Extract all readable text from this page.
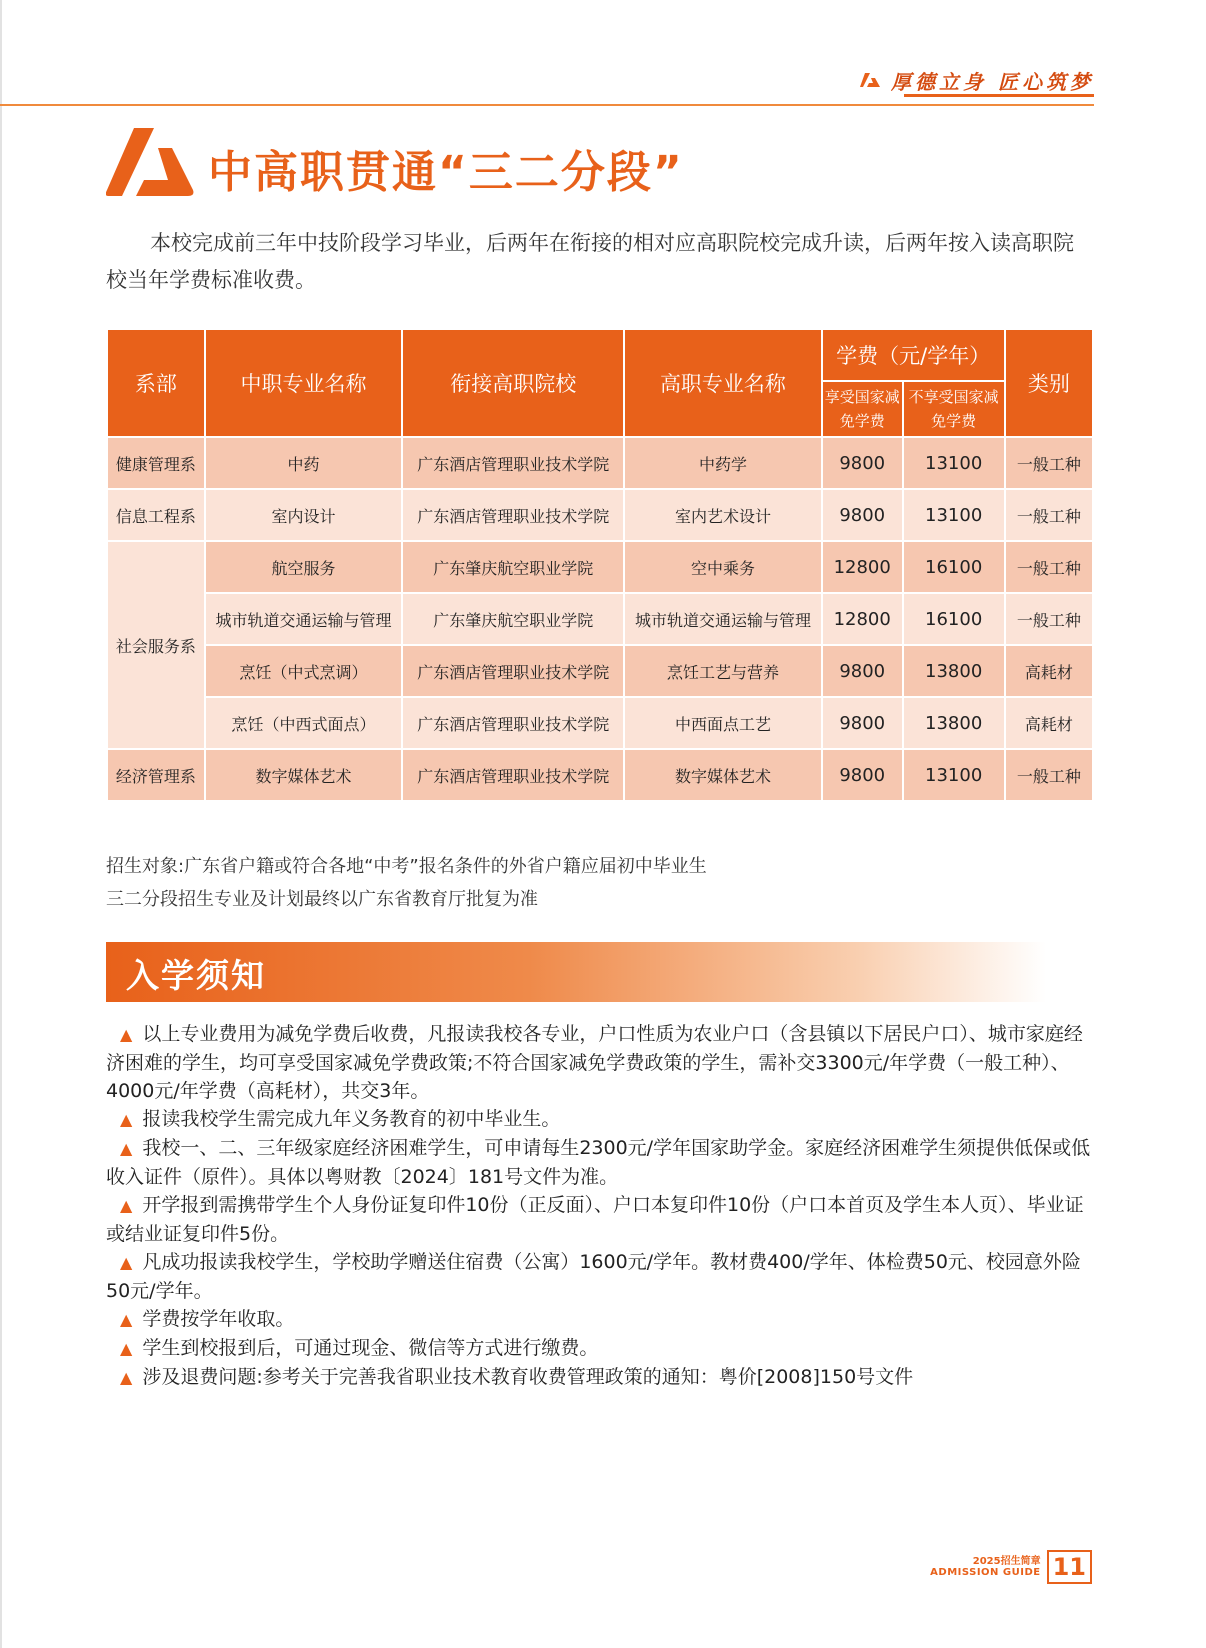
厚德立身 匠心筑梦
中高职贯通“三二分段”
本校完成前三年中技阶段学习毕业，后两年在衔接的相对应高职院校完成升读，后两年按入读高职院校当年学费标准收费。
系部	中职专业名称	衔接高职院校	高职专业名称	学费（元/学年）		类别
				享受国家减免学费	不享受国家减免学费	
健康管理系	中药	广东酒店管理职业技术学院	中药学	9800	13100	一般工种
信息工程系	室内设计	广东酒店管理职业技术学院	室内艺术设计	9800	13100	一般工种
社会服务系	航空服务	广东肇庆航空职业学院	空中乘务	12800	16100	一般工种
	城市轨道交通运输与管理	广东肇庆航空职业学院	城市轨道交通运输与管理	12800	16100	一般工种
	烹饪（中式烹调）	广东酒店管理职业技术学院	烹饪工艺与营养	9800	13800	高耗材
	烹饪（中西式面点）	广东酒店管理职业技术学院	中西面点工艺	9800	13800	高耗材
经济管理系	数字媒体艺术	广东酒店管理职业技术学院	数字媒体艺术	9800	13100	一般工种
招生对象:广东省户籍或符合各地“中考”报名条件的外省户籍应届初中毕业生
三二分段招生专业及计划最终以广东省教育厅批复为准
入学须知

▲ 以上专业费用为减免学费后收费，凡报读我校各专业，户口性质为农业户口（含县镇以下居民户口）、城市家庭经济困难的学生，均可享受国家减免学费政策;不符合国家减免学费政策的学生，需补交3300元/年学费（一般工种）、4000元/年学费（高耗材），共交3年。

▲ 报读我校学生需完成九年义务教育的初中毕业生。

▲ 我校一、二、三年级家庭经济困难学生，可申请每生2300元/学年国家助学金。家庭经济困难学生须提供低保或低收入证件（原件）。具体以粤财教〔2024〕181号文件为准。

▲ 开学报到需携带学生个人身份证复印件10份（正反面）、户口本复印件10份（户口本首页及学生本人页）、毕业证或结业证复印件5份。

▲ 凡成功报读我校学生，学校助学赠送住宿费（公寓）1600元/学年。教材费400/学年、体检费50元、校园意外险50元/学年。

▲ 学费按学年收取。

▲ 学生到校报到后，可通过现金、微信等方式进行缴费。

▲ 涉及退费问题:参考关于完善我省职业技术教育收费管理政策的通知：粤价[2008]150号文件

2025招生简章
ADMISSION GUIDE 11
